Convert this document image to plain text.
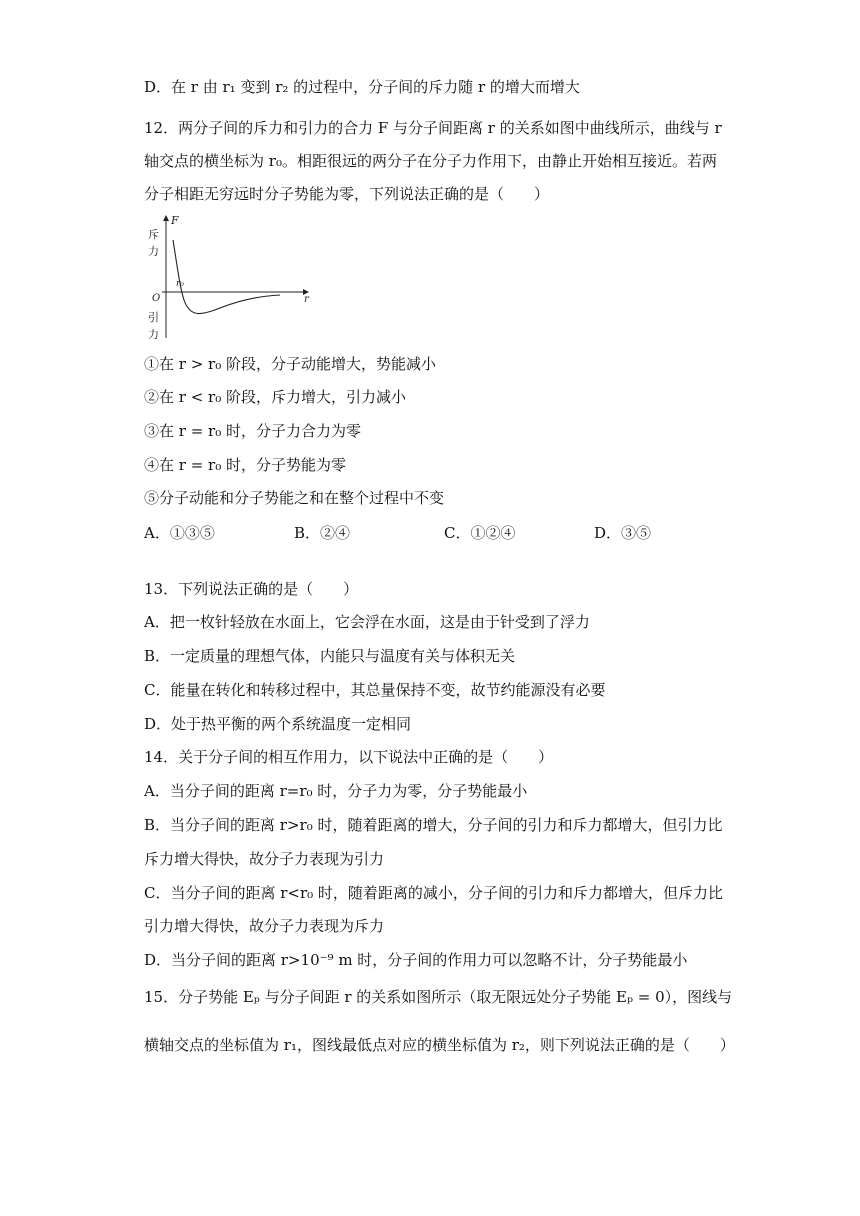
D．在 r 由 r₁ 变到 r₂ 的过程中，分子间的斥力随 r 的增大而增大
12．两分子间的斥力和引力的合力 F 与分子间距离 r 的关系如图中曲线所示，曲线与 r
轴交点的横坐标为 r₀。相距很远的两分子在分子力作用下，由静止开始相互接近。若两
分子相距无穷远时分子势能为零，下列说法正确的是（　　）
F
r
O
斥
力
引
力
r₀
①在 r > r₀ 阶段，分子动能增大，势能减小
②在 r < r₀ 阶段，斥力增大，引力减小
③在 r = r₀ 时，分子力合力为零
④在 r = r₀ 时，分子势能为零
⑤分子动能和分子势能之和在整个过程中不变
A．①③⑤	B．②④	C．①②④	D．③⑤
13．下列说法正确的是（　　）
A．把一枚针轻放在水面上，它会浮在水面，这是由于针受到了浮力
B．一定质量的理想气体，内能只与温度有关与体积无关
C．能量在转化和转移过程中，其总量保持不变，故节约能源没有必要
D．处于热平衡的两个系统温度一定相同
14．关于分子间的相互作用力，以下说法中正确的是（　　）
A．当分子间的距离 r=r₀ 时，分子力为零，分子势能最小
B．当分子间的距离 r>r₀ 时，随着距离的增大，分子间的引力和斥力都增大，但引力比
斥力增大得快，故分子力表现为引力
C．当分子间的距离 r<r₀ 时，随着距离的减小，分子间的引力和斥力都增大，但斥力比
引力增大得快，故分子力表现为斥力
D．当分子间的距离 r>10⁻⁹ m 时，分子间的作用力可以忽略不计，分子势能最小
15．分子势能 Eₚ 与分子间距 r 的关系如图所示（取无限远处分子势能 Eₚ = 0），图线与
横轴交点的坐标值为 r₁，图线最低点对应的横坐标值为 r₂，则下列说法正确的是（　　）
